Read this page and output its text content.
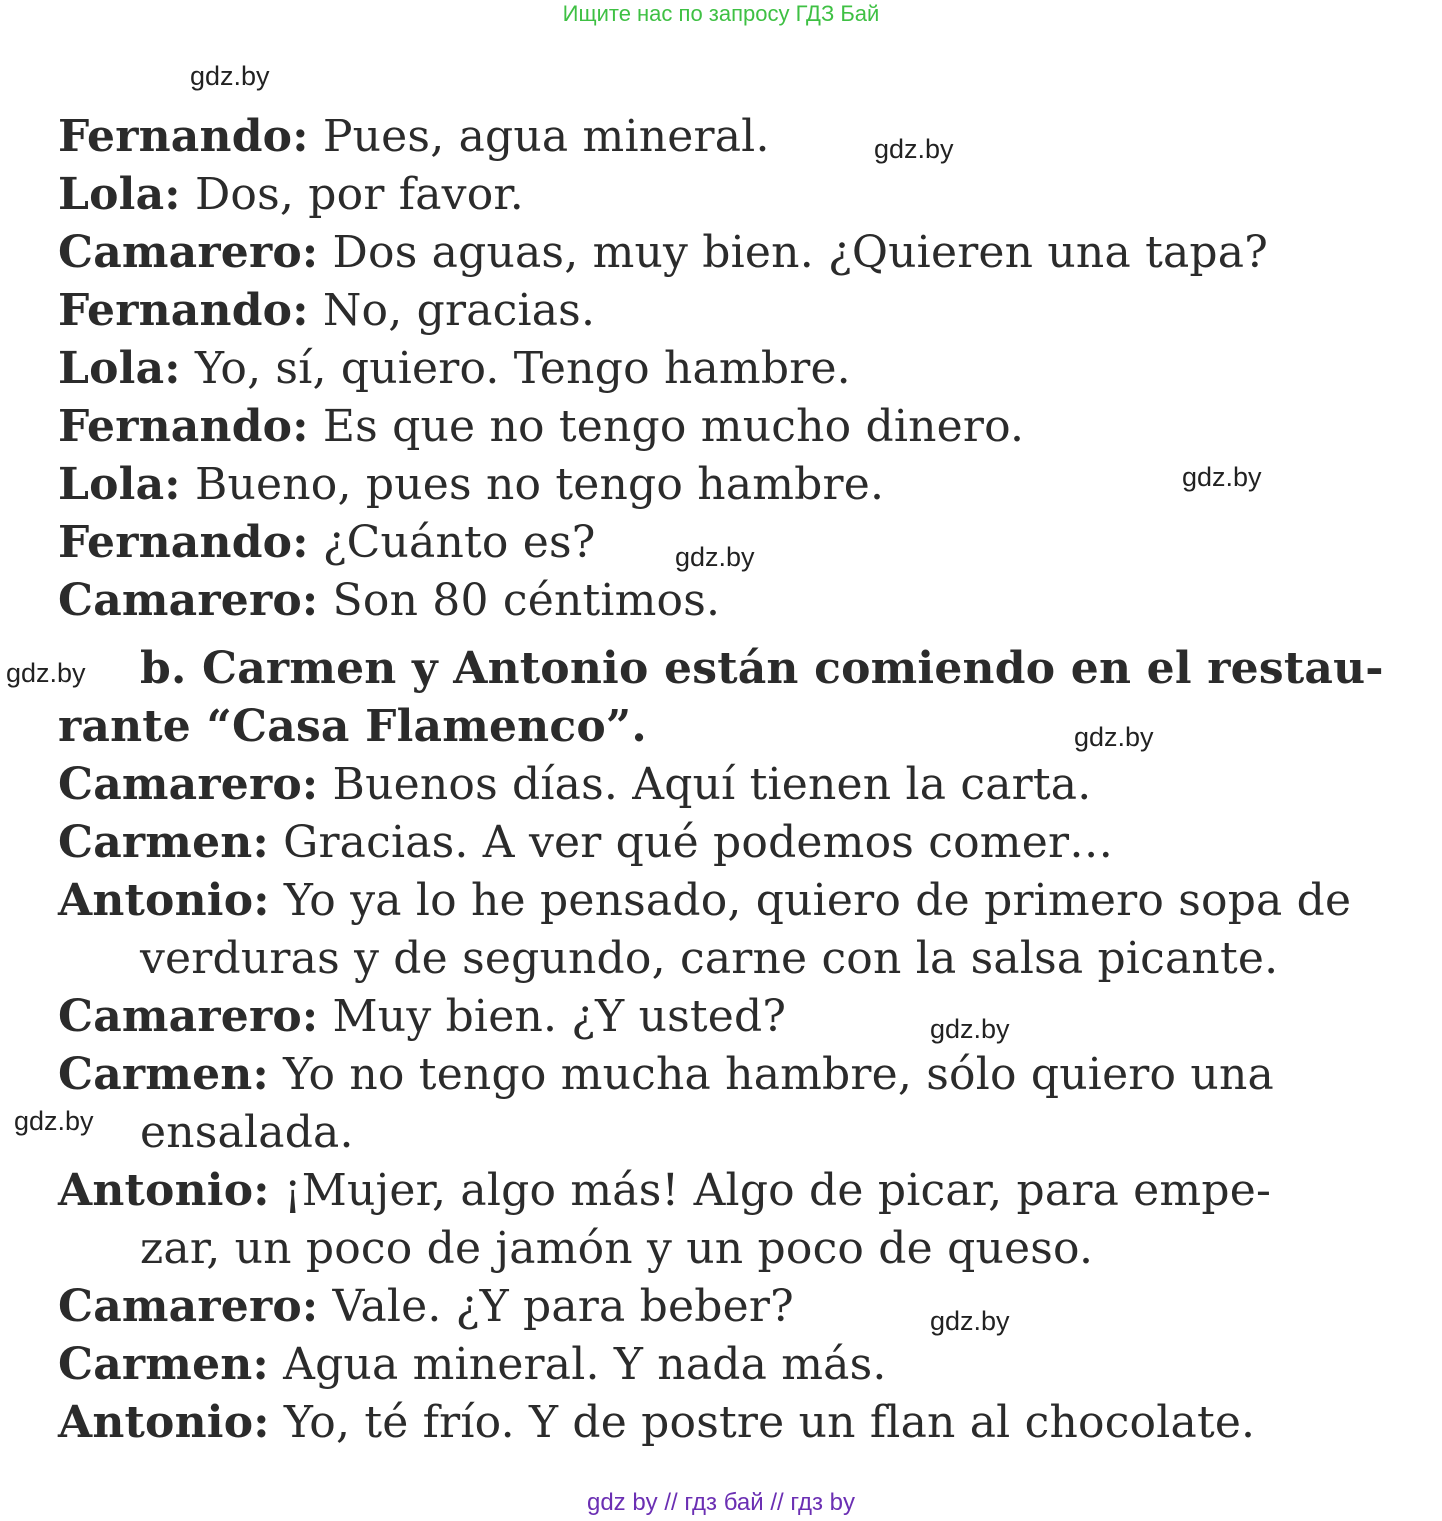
Ищите нас по запросу ГДЗ Бай
gdz.by
gdz.by
gdz.by
gdz.by
gdz.by
gdz.by
gdz.by
gdz.by
gdz.by
Fernando: Pues, agua mineral.
Lola: Dos, por favor.
Camarero: Dos aguas, muy bien. ¿Quieren una tapa?
Fernando: No, gracias.
Lola: Yo, sí, quiero. Tengo hambre.
Fernando: Es que no tengo mucho dinero.
Lola: Bueno, pues no tengo hambre.
Fernando: ¿Cuánto es?
Camarero: Son 80 céntimos.
b. Carmen y Antonio están comiendo en el restau-
rante “Casa Flamenco”.
Camarero: Buenos días. Aquí tienen la carta.
Carmen: Gracias. A ver qué podemos comer…
Antonio: Yo ya lo he pensado, quiero de primero sopa de
verduras y de segundo, carne con la salsa picante.
Camarero: Muy bien. ¿Y usted?
Carmen: Yo no tengo mucha hambre, sólo quiero una
ensalada.
Antonio: ¡Mujer, algo más! Algo de picar, para empe-
zar, un poco de jamón y un poco de queso.
Camarero: Vale. ¿Y para beber?
Carmen: Agua mineral. Y nada más.
Antonio: Yo, té frío. Y de postre un flan al chocolate.
gdz by // гдз бай // гдз by
